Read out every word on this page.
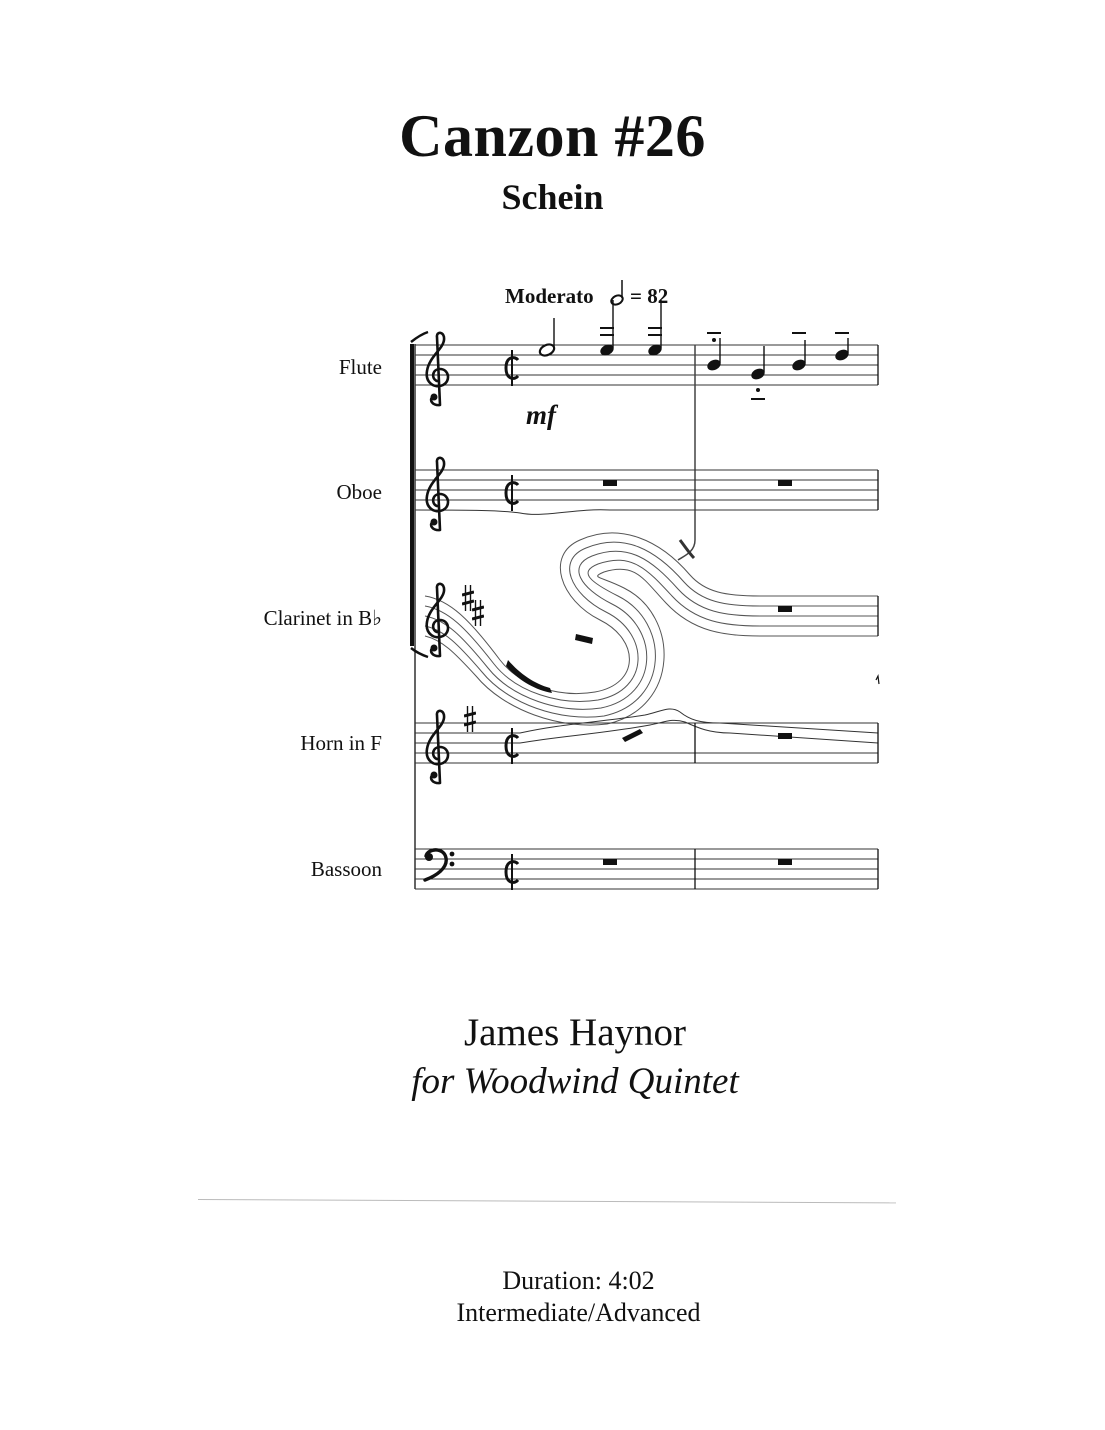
Canzon #26
Schein
Moderato = 82
Flute
Oboe
Clarinet in B♭
Horn in F
Bassoon
mf
James Haynor
for Woodwind Quintet
Duration: 4:02
Intermediate/Advanced
